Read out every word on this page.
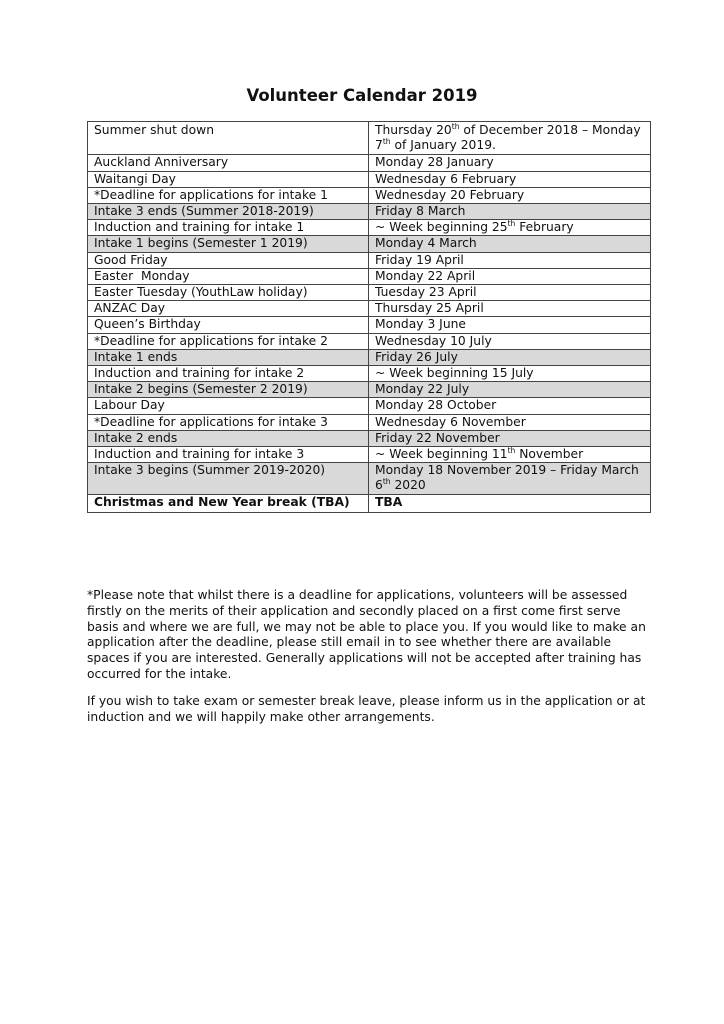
Volunteer Calendar 2019
Summer shut down	Thursday 20th of December 2018 – Monday 7th of January 2019.
Auckland Anniversary	Monday 28 January
Waitangi Day	Wednesday 6 February
*Deadline for applications for intake 1	Wednesday 20 February
Intake 3 ends (Summer 2018-2019)	Friday 8 March
Induction and training for intake 1	~ Week beginning 25th February
Intake 1 begins (Semester 1 2019)	Monday 4 March
Good Friday	Friday 19 April
Easter  Monday	Monday 22 April
Easter Tuesday (YouthLaw holiday)	Tuesday 23 April
ANZAC Day	Thursday 25 April
Queen’s Birthday	Monday 3 June
*Deadline for applications for intake 2	Wednesday 10 July
Intake 1 ends	Friday 26 July
Induction and training for intake 2	~ Week beginning 15 July
Intake 2 begins (Semester 2 2019)	Monday 22 July
Labour Day	Monday 28 October
*Deadline for applications for intake 3	Wednesday 6 November
Intake 2 ends	Friday 22 November
Induction and training for intake 3	~ Week beginning 11th November
Intake 3 begins (Summer 2019-2020)	Monday 18 November 2019 – Friday March 6th 2020
Christmas and New Year break (TBA)	TBA

*Please note that whilst there is a deadline for applications, volunteers will be assessed firstly on the merits of their application and secondly placed on a first come first serve basis and where we are full, we may not be able to place you. If you would like to make an application after the deadline, please still email in to see whether there are available spaces if you are interested. Generally applications will not be accepted after training has occurred for the intake.

If you wish to take exam or semester break leave, please inform us in the application or at induction and we will happily make other arrangements.
